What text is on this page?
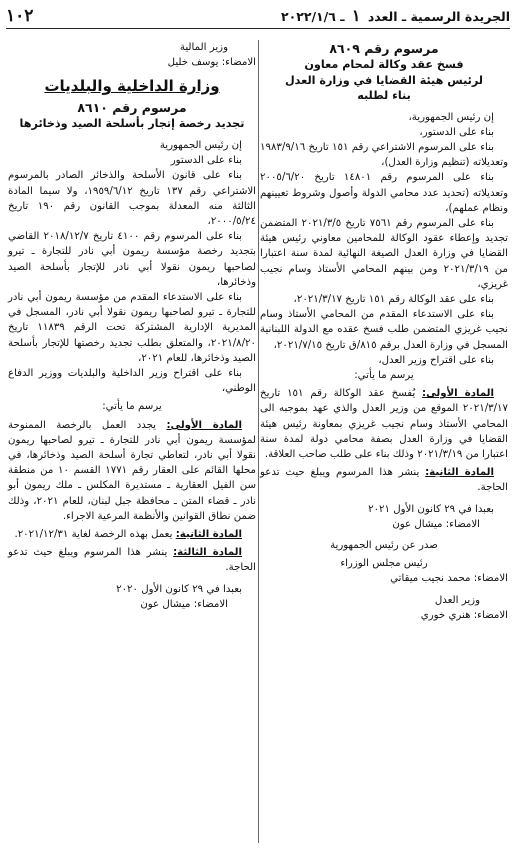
الجريدة الرسمية ـ العدد ١ ـ ٢٠٢٢/١/٦
١٠٢

مرسوم رقم ٨٦٠٩

فسخ عقد وكالة لمحام معاون

لرئيس هيئة القضايا في وزارة العدل

بناء لطلبه

إن رئيس الجمهورية،

بناء على الدستور،

بناء على المرسوم الاشتراعي رقم ١٥١ تاريخ ١٩٨٣/٩/١٦ وتعديلاته (تنظيم وزارة العدل)،

بناء على المرسوم رقم ١٤٨٠١ تاريخ ٢٠٠٥/٦/٢٠ وتعديلاته (تحديد عدد محامي الدولة وأصول وشروط تعيينهم ونظام عملهم)،

بناء على المرسوم رقم ٧٥٦١ تاريخ ٢٠٢١/٣/٥ المتضمن تجديد وإعطاء عقود الوكالة للمحامين معاوني رئيس هيئة القضايا في وزارة العدل الصيغة النهائية لمدة سنة اعتبارا من ٢٠٢١/٣/١٩ ومن بينهم المحامي الأستاذ وسام نجيب غريزي،

بناء على عقد الوكالة رقم ١٥١ تاريخ ٢٠٢١/٣/١٧،

بناء على الاستدعاء المقدم من المحامي الأستاذ وسام نجيب غريزي المتضمن طلب فسخ عقده مع الدولة اللبنانية المسجل في وزارة العدل برقم ٨١٥/ق تاريخ ٢٠٢١/٧/١٥،

بناء على اقتراح وزير العدل،

يرسم ما يأتي:

المادة الأولى: يُفسخ عقد الوكالة رقم ١٥١ تاريخ ٢٠٢١/٣/١٧ الموقع من وزير العدل والذي عهد بموجبه الى المحامي الأستاذ وسام نجيب غريزي بمعاونة رئيس هيئة القضايا في وزارة العدل بصفة محامي دولة لمدة سنة اعتبارا من ٢٠٢١/٣/١٩ وذلك بناء على طلب صاحب العلاقة.

المادة الثانية: ينشر هذا المرسوم ويبلغ حيث تدعو الحاجة.

بعبدا في ٢٩ كانون الأول ٢٠٢١

الامضاء: ميشال عون

صدر عن رئيس الجمهورية

رئيس مجلس الوزراء

الامضاء: محمد نجيب ميقاتي

وزير العدل

الامضاء: هنري خوري

وزير المالية

الامضاء: يوسف خليل

وزارة الداخلية والبلديات

مرسوم رقم ٨٦١٠

تجديد رخصة إتجار بأسلحة الصيد وذخائرها

إن رئيس الجمهورية

بناء على الدستور

بناء على قانون الأسلحة والذخائر الصادر بالمرسوم الاشتراعي رقم ١٣٧ تاريخ ١٩٥٩/٦/١٢، ولا سيما المادة الثالثة منه المعدلة بموجب القانون رقم ١٩٠ تاريخ ٢٠٠٠/٥/٢٤،

بناء على المرسوم رقم ٤١٠٠ تاريخ ٢٠١٨/١٢/٧ القاضي بتجديد رخصة مؤسسة ريمون أبي نادر للتجارة ـ تيرو لصاحبها ريمون نقولا أبي نادر للإتجار بأسلحة الصيد وذخائرها،

بناء على الاستدعاء المقدم من مؤسسة ريمون أبي نادر للتجارة ـ تيرو لصاحبها ريمون نقولا أبي نادر، المسجل في المديرية الإدارية المشتركة تحت الرقم ١١٨٣٩ تاريخ ٢٠٢١/٨/٢٠، والمتعلق بطلب تجديد رخصتها للإتجار بأسلحة الصيد وذخائرها، للعام ٢٠٢١،

بناء على اقتراح وزير الداخلية والبلديات ووزير الدفاع الوطني،

يرسم ما يأتي:

المادة الأولى: يجدد العمل بالرخصة الممنوحة لمؤسسة ريمون أبي نادر للتجارة ـ تيرو لصاحبها ريمون نقولا أبي نادر، لتعاطي تجارة أسلحة الصيد وذخائرها، في محلها القائم على العقار رقم ١٧٧١ القسم ١٠ من منطقة سن الفيل العقارية ـ مستديرة المكلس ـ ملك ريمون أبو نادر ـ قضاء المتن ـ محافظة جبل لبنان، للعام ٢٠٢١، وذلك ضمن نطاق القوانين والأنظمة المرعية الاجراء.

المادة الثانية: يعمل بهذه الرخصة لغاية ٢٠٢١/١٢/٣١.

المادة الثالثة: ينشر هذا المرسوم ويبلغ حيث تدعو الحاجة.

بعبدا في ٢٩ كانون الأول ٢٠٢٠

الامضاء: ميشال عون
